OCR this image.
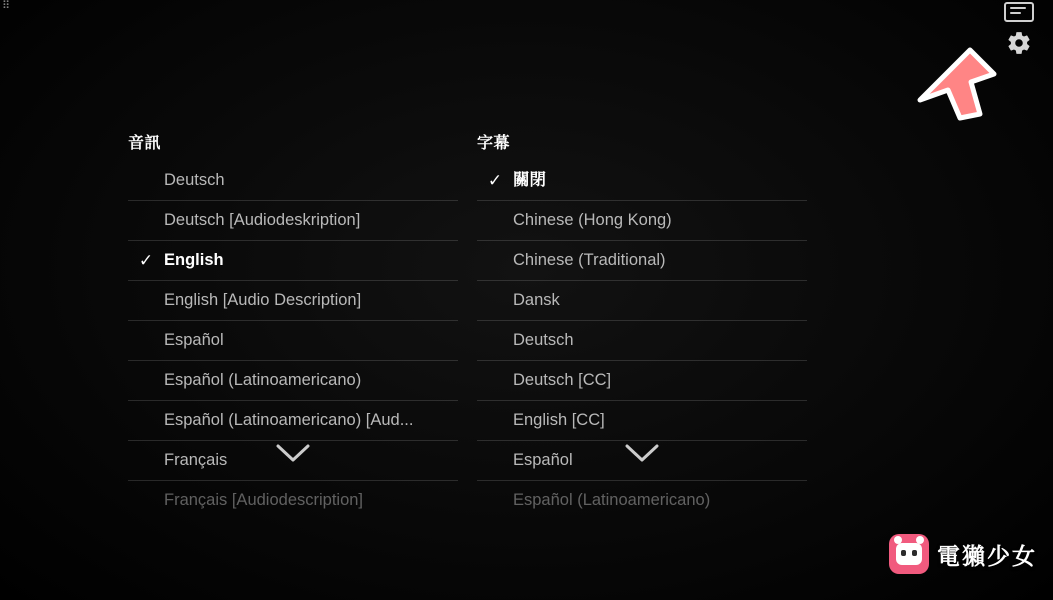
⠿
音訊
Deutsch
Deutsch [Audiodeskription]
✓ English
English [Audio Description]
Español
Español (Latinoamericano)
Español (Latinoamericano) [Aud...
Français
Français [Audiodescription]
字幕
✓ 關閉
Chinese (Hong Kong)
Chinese (Traditional)
Dansk
Deutsch
Deutsch [CC]
English [CC]
Español
Español (Latinoamericano)
電獺少女
